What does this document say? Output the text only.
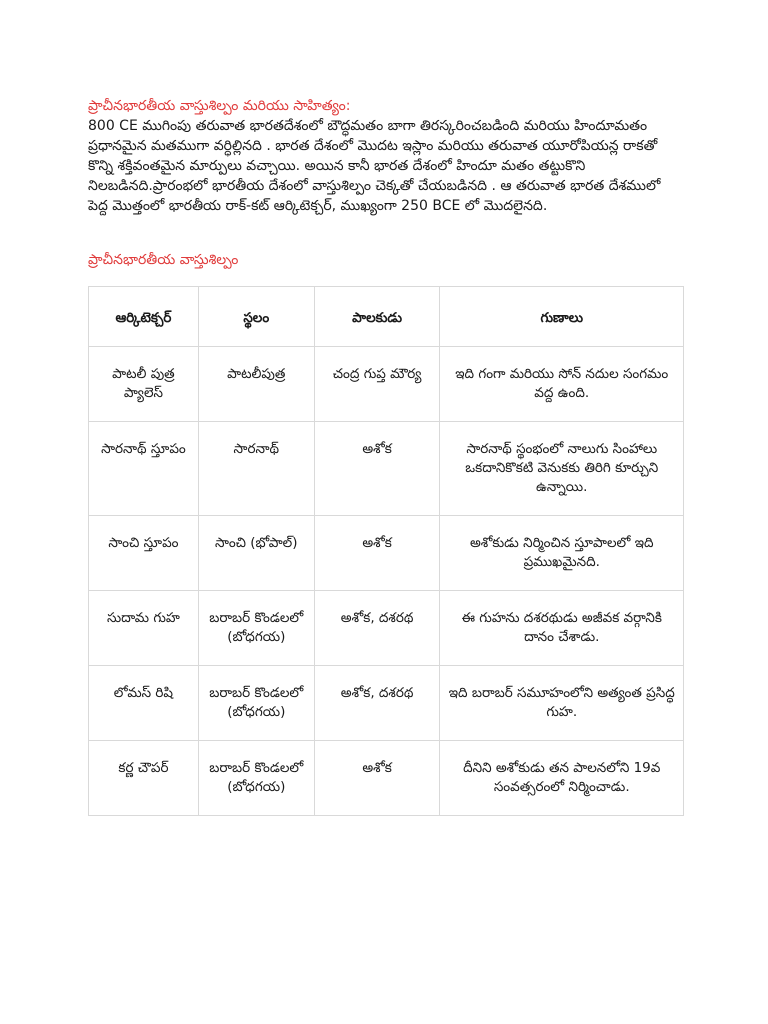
ప్రాచీనభారతీయ వాస్తుశిల్పం మరియు సాహిత్యం:

800 CE ముగింపు తరువాత భారతదేశంలో బౌద్ధమతం బాగా తిరస్కరించబడింది మరియు హిందూమతం ప్రధానమైన మతముగా వర్ధిల్లినది . భారత దేశంలో మొదట ఇస్లాం మరియు తరువాత యూరోపియన్ల రాకతో కొన్ని శక్తివంతమైన మార్పులు వచ్చాయి. అయిన కానీ భారత దేశంలో హిందూ మతం తట్టుకొని నిలబడినది.ప్రారంభలో భారతీయ దేశంలో వాస్తుశిల్పం చెక్కతో చేయబడినది . ఆ తరువాత భారత దేశములో పెద్ద మొత్తంలో భారతీయ రాక్-కట్ ఆర్కిటెక్చర్, ముఖ్యంగా 250 BCE లో మొదలైనది.

ప్రాచీనభారతీయ వాస్తుశిల్పం
ఆర్కిటెక్చర్	స్థలం	పాలకుడు	గుణాలు
పాటలీ పుత్ర ప్యాలెస్	పాటలీపుత్ర	చంద్ర గుప్త మౌర్య	ఇది గంగా మరియు సోన్ నదుల సంగమం వద్ద ఉంది.
సారనాథ్ స్తూపం	సారనాథ్	అశోక	సారనాథ్ స్థంభంలో నాలుగు సింహాలు ఒకదానికొకటి వెనుకకు తిరిగి కూర్చుని ఉన్నాయి.
సాంచి స్తూపం	సాంచి (భోపాల్)	అశోక	అశోకుడు నిర్మించిన స్తూపాలలో ఇది ప్రముఖమైనది.
సుదామ గుహ	బరాబర్ కొండలలో (బోధగయ)	అశోక, దశరథ	ఈ గుహను దశరథుడు అజీవక వర్గానికి దానం చేశాడు.
లోమస్ రిషి	బరాబర్ కొండలలో (బోధగయ)	అశోక, దశరథ	ఇది బరాబర్ సమూహంలోని అత్యంత ప్రసిద్ధ గుహ.
కర్ణ చౌపర్	బరాబర్ కొండలలో (బోధగయ)	అశోక	దీనిని అశోకుడు తన పాలనలోని 19వ సంవత్సరంలో నిర్మించాడు.
